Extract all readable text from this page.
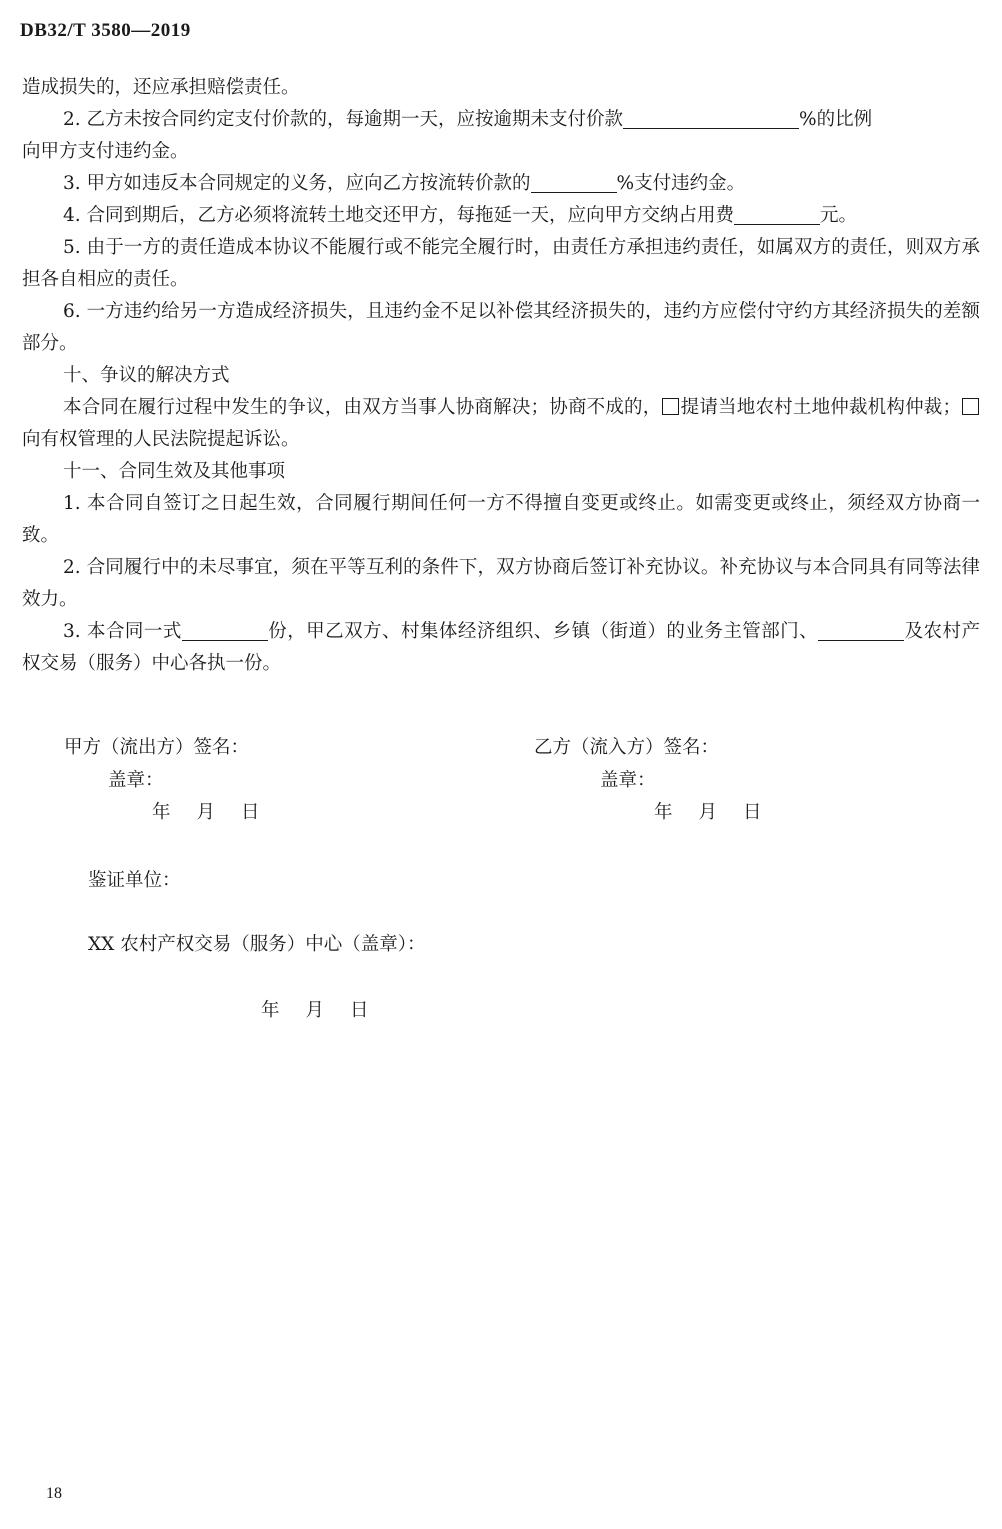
DB32/T 3580—2019

造成损失的，还应承担赔偿责任。

2. 乙方未按合同约定支付价款的，每逾期一天，应按逾期未支付价款	%的比例
向甲方支付违约金。

3. 甲方如违反本合同规定的义务，应向乙方按流转价款的	%支付违约金。

4. 合同到期后，乙方必须将流转土地交还甲方，每拖延一天，应向甲方交纳占用费	元。

5. 由于一方的责任造成本协议不能履行或不能完全履行时，由责任方承担违约责任，如属双方的责任，则双方承担各自相应的责任。

6. 一方违约给另一方造成经济损失，且违约金不足以补偿其经济损失的，违约方应偿付守约方其经济损失的差额部分。

十、争议的解决方式

本合同在履行过程中发生的争议，由双方当事人协商解决；协商不成的， 提请当地农村土地仲裁机构仲裁；向有权管理的人民法院提起诉讼。

十一、合同生效及其他事项

1. 本合同自签订之日起生效，合同履行期间任何一方不得擅自变更或终止。如需变更或终止，须经双方协商一致。

2. 合同履行中的未尽事宜，须在平等互利的条件下，双方协商后签订补充协议。补充协议与本合同具有同等法律效力。

3. 本合同一式	份，甲乙双方、村集体经济组织、乡镇（街道）的业务主管部门、	及农村产权交易（服务）中心各执一份。

甲方（流出方）签名：	乙方（流入方）签名：
盖章：	盖章：
年 月 日	年 月 日
鉴证单位：
XX 农村产权交易（服务）中心（盖章）：
年 月 日
18
